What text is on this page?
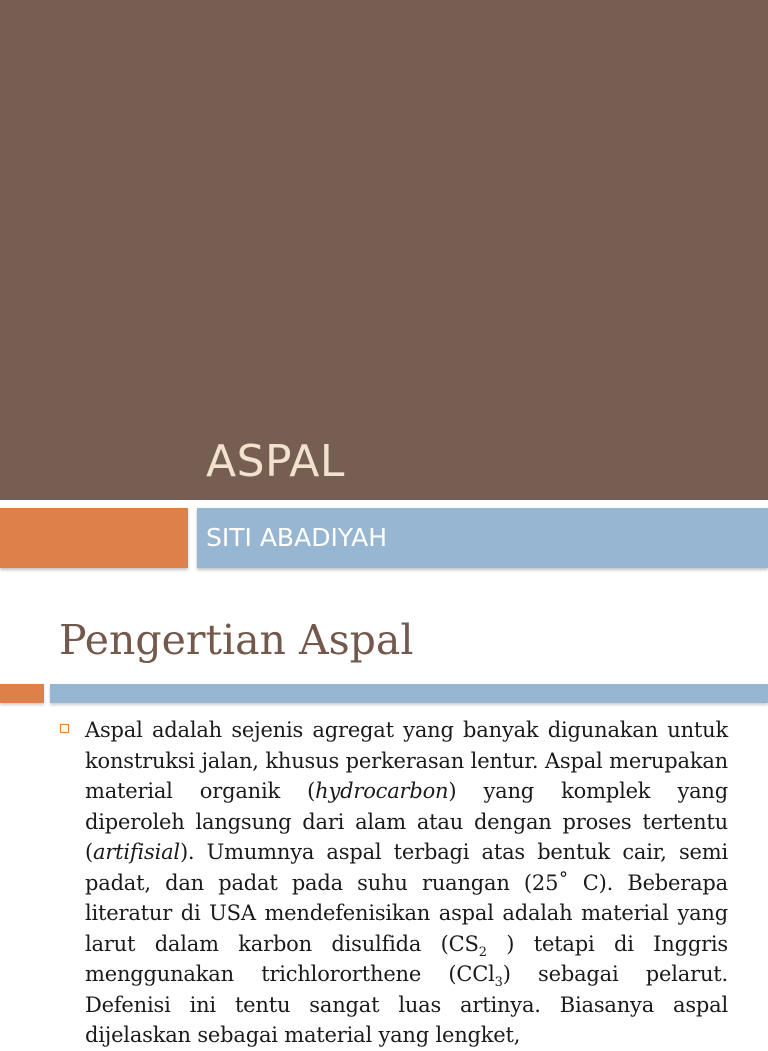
ASPAL
SITI ABADIYAH
Pengertian Aspal

Aspal adalah sejenis agregat yang banyak digunakan untuk konstruksi jalan, khusus perkerasan lentur. Aspal merupakan material organik (hydrocarbon) yang komplek yang diperoleh langsung dari alam atau dengan proses tertentu (artifisial). Umumnya aspal terbagi atas bentuk cair, semi padat, dan padat pada suhu ruangan (25˚ C). Beberapa literatur di USA mendefenisikan aspal adalah material yang larut dalam karbon disulfida ($CS_2$ ) tetapi di Inggris menggunakan trichlororthene (CCl$_3$) sebagai pelarut. Defenisi ini tentu sangat luas artinya. Biasanya aspal dijelaskan sebagai material yang lengket,
